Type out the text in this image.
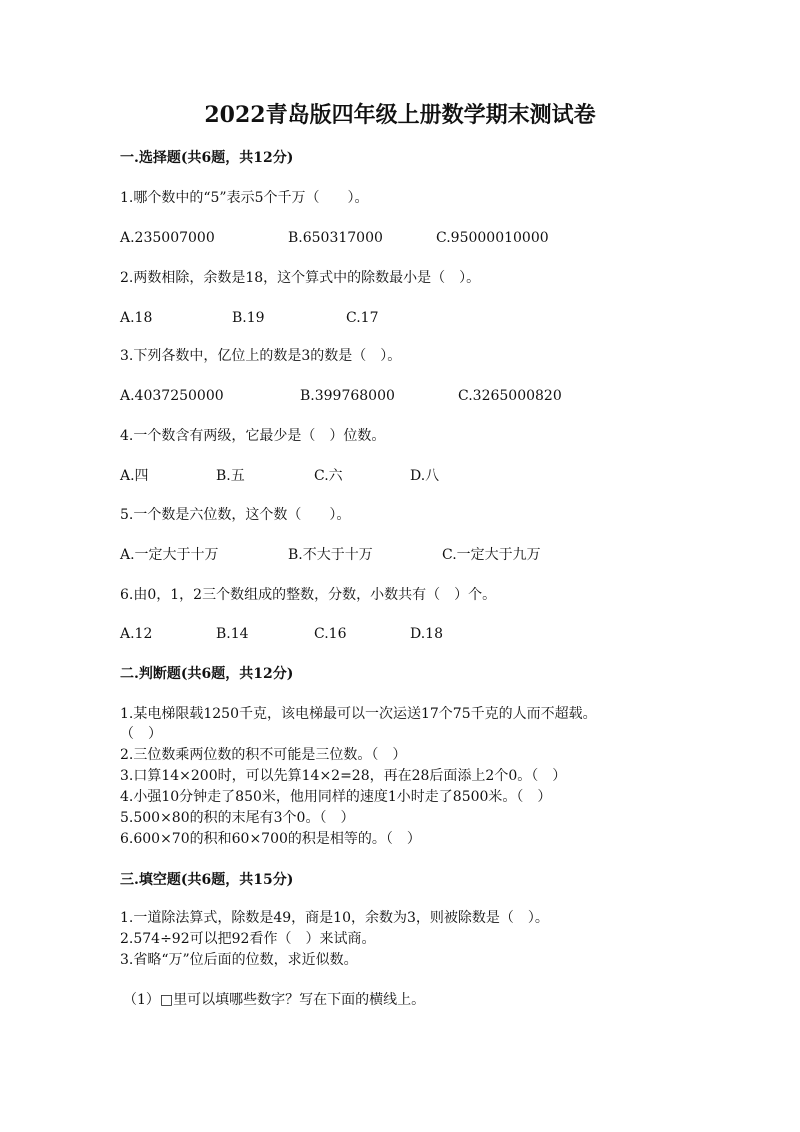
2022青岛版四年级上册数学期末测试卷
一.选择题(共6题，共12分)
1.哪个数中的“5”表示5个千万（　　）。
A.235007000	B.650317000	C.95000010000
2.两数相除，余数是18，这个算式中的除数最小是（　）。
A.18	B.19	C.17
3.下列各数中，亿位上的数是3的数是（　）。
A.4037250000	B.399768000	C.3265000820
4.一个数含有两级，它最少是（　）位数。
A.四	B.五	C.六	D.八
5.一个数是六位数，这个数（　　）。
A.一定大于十万	B.不大于十万	C.一定大于九万
6.由0，1，2三个数组成的整数，分数，小数共有（　）个。
A.12	B.14	C.16	D.18
二.判断题(共6题，共12分)
1.某电梯限载1250千克，该电梯最可以一次运送17个75千克的人而不超载。
（　）
2.三位数乘两位数的积不可能是三位数。（　）
3.口算14×200时，可以先算14×2=28，再在28后面添上2个0。（　）
4.小强10分钟走了850米，他用同样的速度1小时走了8500米。（　）
5.500×80的积的末尾有3个0。（　）
6.600×70的积和60×700的积是相等的。（　）
三.填空题(共6题，共15分)
1.一道除法算式，除数是49，商是10，余数为3，则被除数是（　）。
2.574÷92可以把92看作（　）来试商。
3.省略“万”位后面的位数，求近似数。
（1）□里可以填哪些数字？写在下面的横线上。
